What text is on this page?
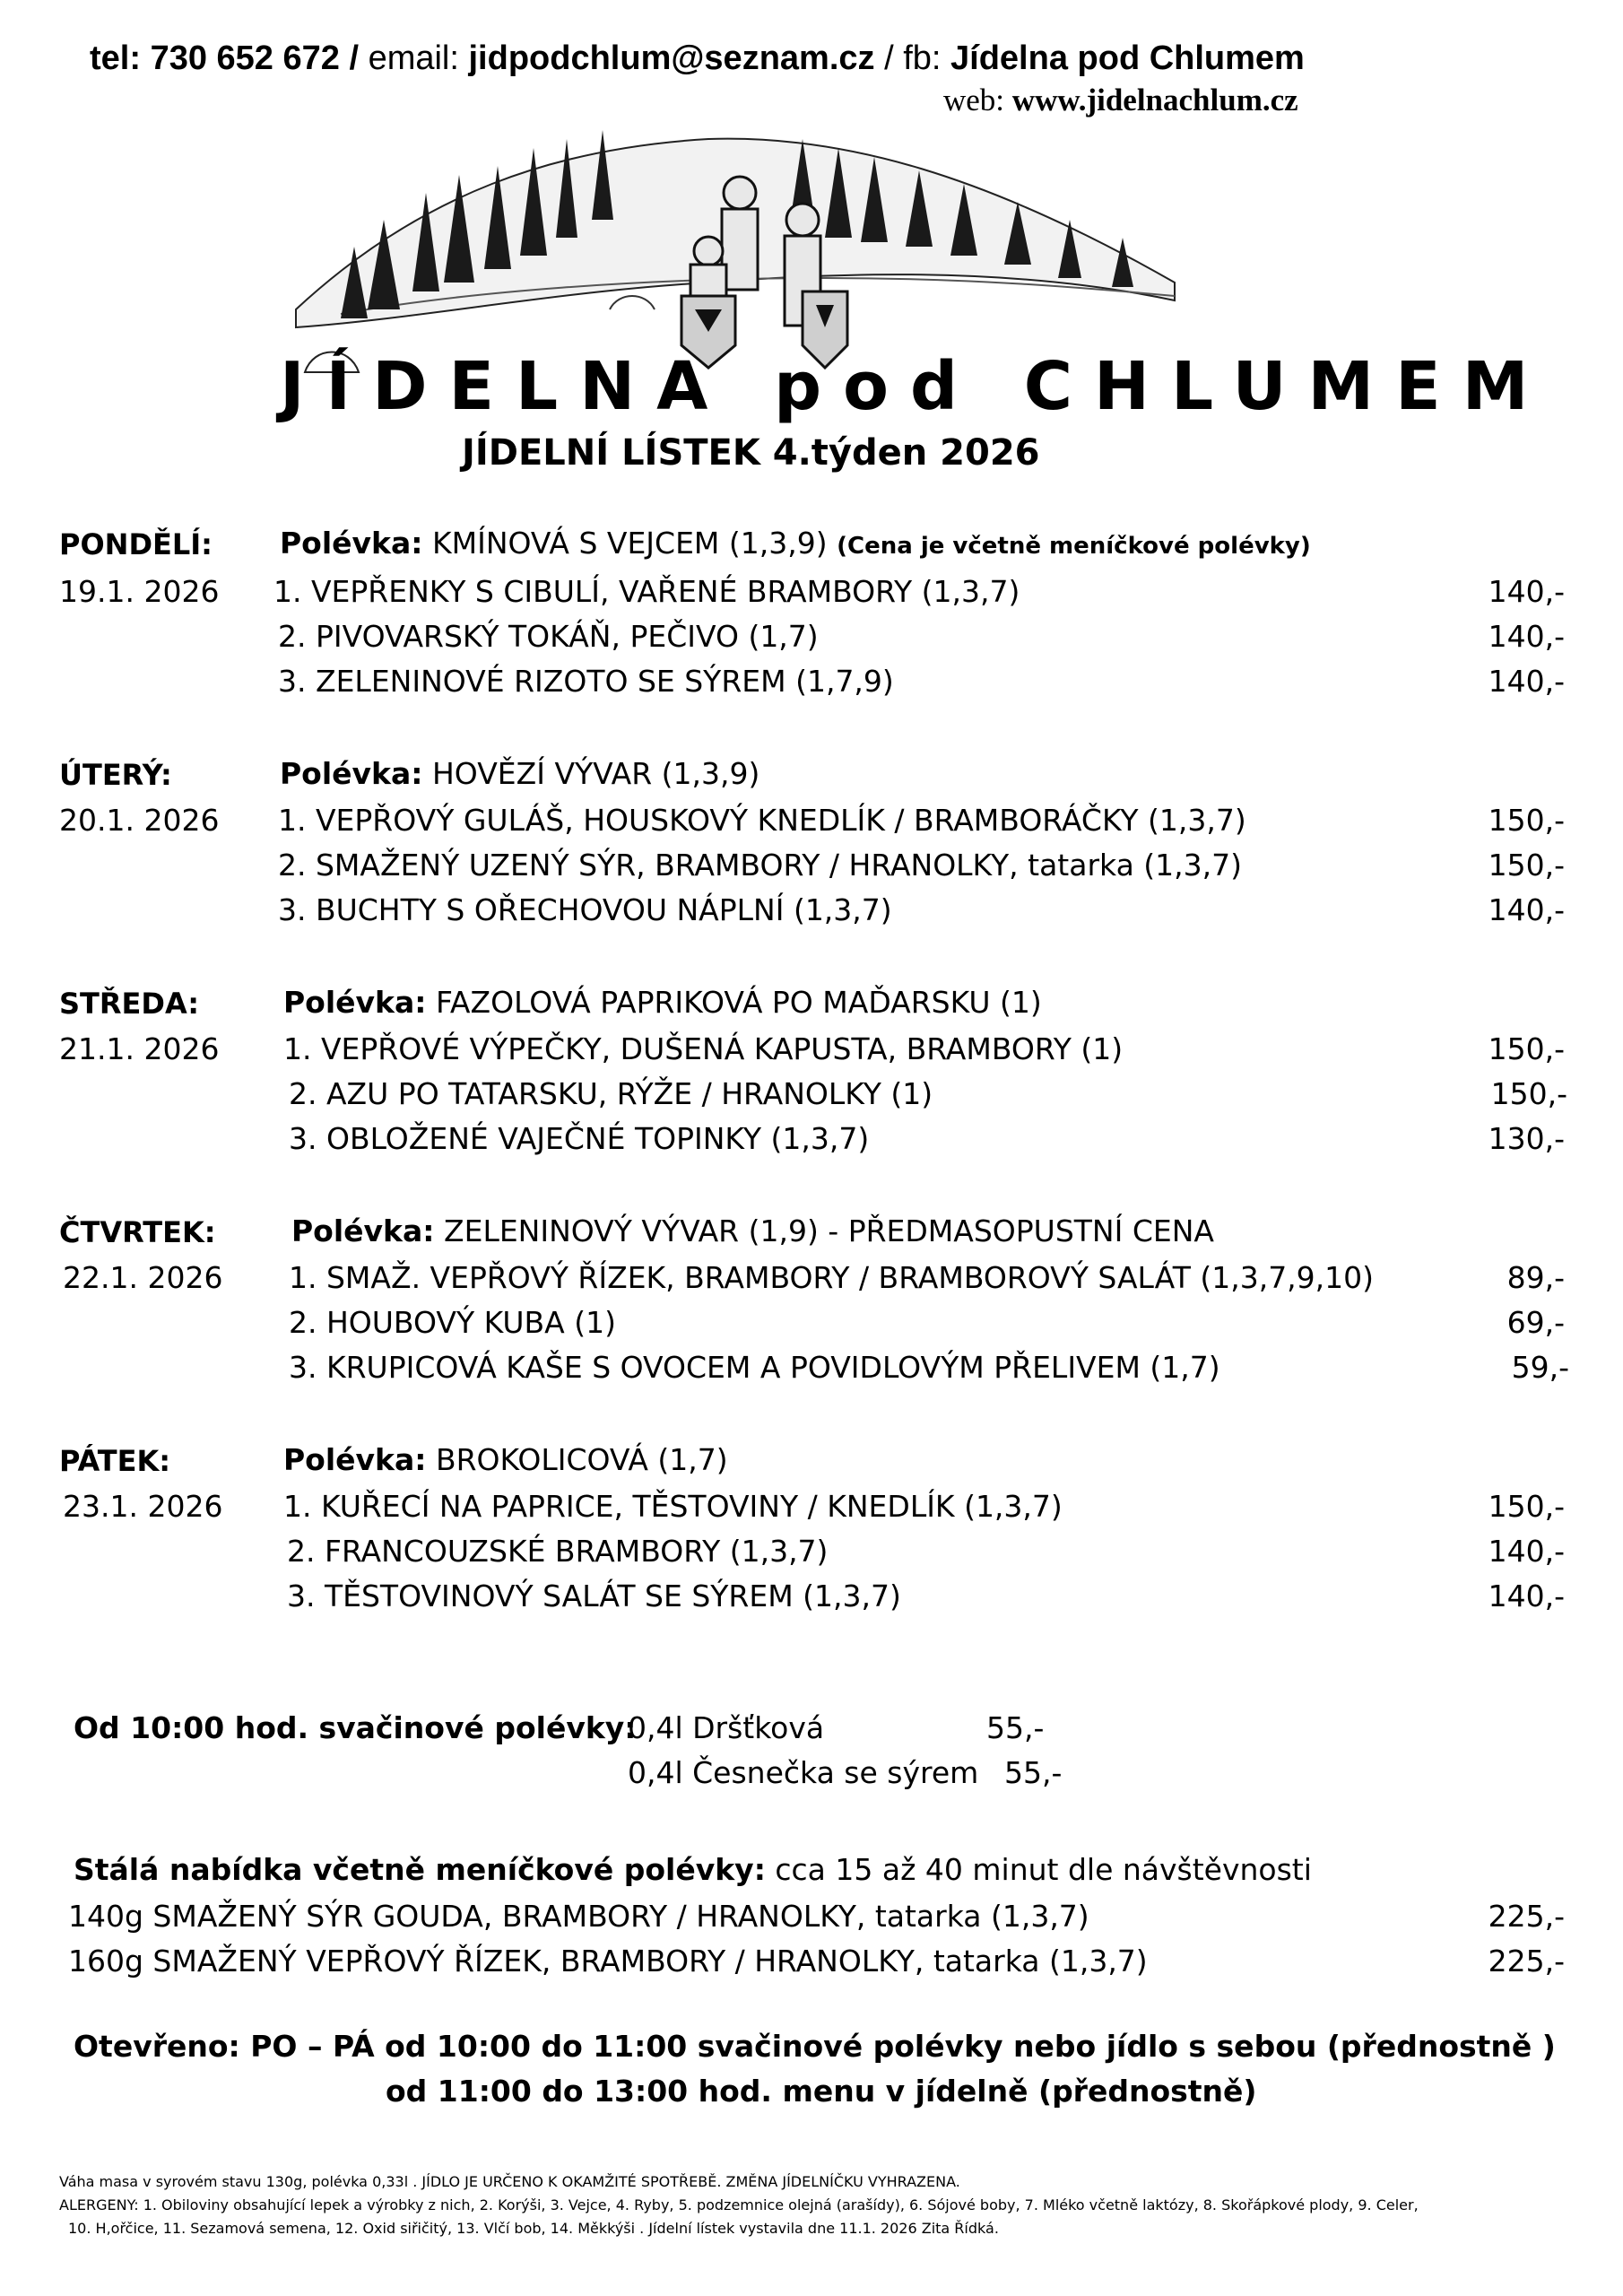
tel: 730 652 672 / email: jidpodchlum@seznam.cz / fb: Jídelna pod Chlumem
web: www.jidelnachlum.cz
JÍDELNA pod CHLUMEM
JÍDELNÍ LÍSTEK 4.týden 2026
PONDĚLÍ: Polévka: KMÍNOVÁ S VEJCEM (1,3,9) (Cena je včetně meníčkové polévky)
19.1. 2026 1. VEPŘENKY S CIBULÍ, VAŘENÉ BRAMBORY (1,3,7)	140,-
2. PIVOVARSKÝ TOKÁŇ, PEČIVO (1,7)	140,-
3. ZELENINOVÉ RIZOTO SE SÝREM (1,7,9)	140,-
ÚTERÝ:	Polévka: HOVĚZÍ VÝVAR (1,3,9)
20.1. 2026 1. VEPŘOVÝ GULÁŠ, HOUSKOVÝ KNEDLÍK / BRAMBORÁČKY (1,3,7)	150,-
2. SMAŽENÝ UZENÝ SÝR, BRAMBORY / HRANOLKY, tatarka (1,3,7)	150,-
3. BUCHTY S OŘECHOVOU NÁPLNÍ (1,3,7)	140,-
STŘEDA:	Polévka: FAZOLOVÁ PAPRIKOVÁ PO MAĎARSKU (1)
21.1. 2026 1. VEPŘOVÉ VÝPEČKY, DUŠENÁ KAPUSTA, BRAMBORY (1)	150,-
2. AZU PO TATARSKU, RÝŽE / HRANOLKY (1)	150,-
3. OBLOŽENÉ VAJEČNÉ TOPINKY (1,3,7)	130,-
ČTVRTEK:	Polévka: ZELENINOVÝ VÝVAR (1,9) - PŘEDMASOPUSTNÍ CENA
22.1. 2026 1. SMAŽ. VEPŘOVÝ ŘÍZEK, BRAMBORY / BRAMBOROVÝ SALÁT (1,3,7,9,10)	89,-
2. HOUBOVÝ KUBA (1)	69,-
3. KRUPICOVÁ KAŠE S OVOCEM A POVIDLOVÝM PŘELIVEM (1,7)	59,-
PÁTEK:	Polévka: BROKOLICOVÁ (1,7)
23.1. 2026 1. KUŘECÍ NA PAPRICE, TĚSTOVINY / KNEDLÍK (1,3,7)	150,-
2. FRANCOUZSKÉ BRAMBORY (1,3,7)	140,-
3. TĚSTOVINOVÝ SALÁT SE SÝREM (1,3,7)	140,-
Od 10:00 hod. svačinové polévky:
0,4l Dršťková	55,-
0,4l Česnečka se sýrem 55,-
Stálá nabídka včetně meníčkové polévky: cca 15 až 40 minut dle návštěvnosti
140g SMAŽENÝ SÝR GOUDA, BRAMBORY / HRANOLKY, tatarka (1,3,7)	225,-
160g SMAŽENÝ VEPŘOVÝ ŘÍZEK, BRAMBORY / HRANOLKY, tatarka (1,3,7)	225,-
Otevřeno: PO – PÁ od 10:00 do 11:00 svačinové polévky nebo jídlo s sebou (přednostně )
od 11:00 do 13:00 hod. menu v jídelně (přednostně)
Váha masa v syrovém stavu 130g, polévka 0,33l . JÍDLO JE URČENO K OKAMŽITÉ SPOTŘEBĚ. ZMĚNA JÍDELNÍČKU VYHRAZENA.
ALERGENY: 1. Obiloviny obsahující lepek a výrobky z nich, 2. Korýši, 3. Vejce, 4. Ryby, 5. podzemnice olejná (arašídy), 6. Sójové boby, 7. Mléko včetně laktózy, 8. Skořápkové plody, 9. Celer,
10. H,ořčice, 11. Sezamová semena, 12. Oxid siřičitý, 13. Vlčí bob, 14. Měkkýši . Jídelní lístek vystavila dne 11.1. 2026 Zita Řídká.
